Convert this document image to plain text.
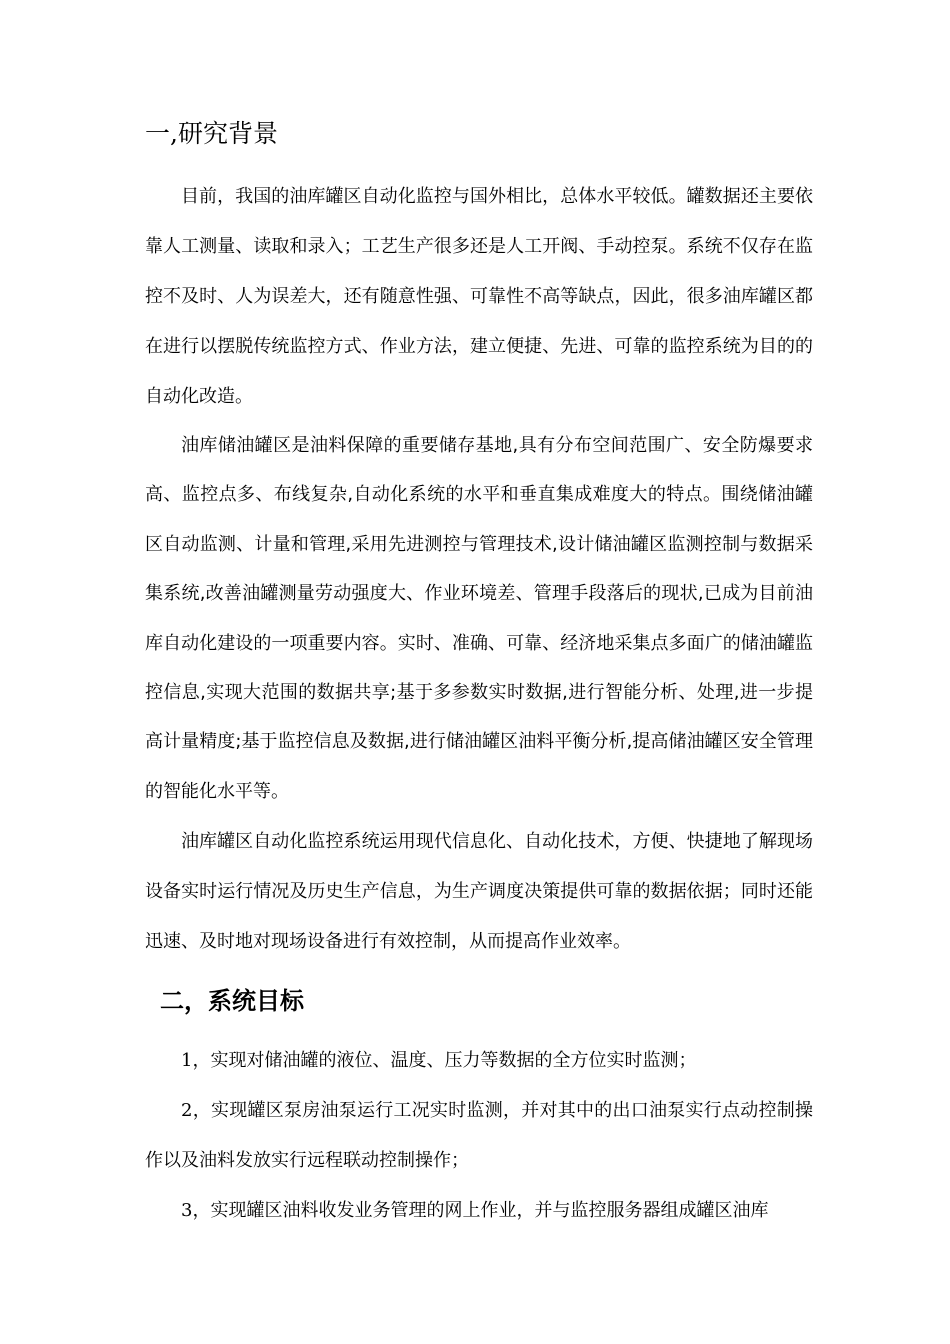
一,研究背景

目前，我国的油库罐区自动化监控与国外相比，总体水平较低。罐数据还主要依靠人工测量、读取和录入；工艺生产很多还是人工开阀、手动控泵。系统不仅存在监控不及时、人为误差大，还有随意性强、可靠性不高等缺点，因此，很多油库罐区都在进行以摆脱传统监控方式、作业方法，建立便捷、先进、可靠的监控系统为目的的自动化改造。

油库储油罐区是油料保障的重要储存基地,具有分布空间范围广、安全防爆要求高、监控点多、布线复杂,自动化系统的水平和垂直集成难度大的特点。围绕储油罐区自动监测、计量和管理,采用先进测控与管理技术,设计储油罐区监测控制与数据采集系统,改善油罐测量劳动强度大、作业环境差、管理手段落后的现状,已成为目前油库自动化建设的一项重要内容。实时、准确、可靠、经济地采集点多面广的储油罐监控信息,实现大范围的数据共享;基于多参数实时数据,进行智能分析、处理,进一步提高计量精度;基于监控信息及数据,进行储油罐区油料平衡分析,提高储油罐区安全管理的智能化水平等。

油库罐区自动化监控系统运用现代信息化、自动化技术，方便、快捷地了解现场设备实时运行情况及历史生产信息，为生产调度决策提供可靠的数据依据；同时还能迅速、及时地对现场设备进行有效控制，从而提高作业效率。

二，系统目标

1，实现对储油罐的液位、温度、压力等数据的全方位实时监测；

2，实现罐区泵房油泵运行工况实时监测，并对其中的出口油泵实行点动控制操作以及油料发放实行远程联动控制操作；

3，实现罐区油料收发业务管理的网上作业，并与监控服务器组成罐区油库
